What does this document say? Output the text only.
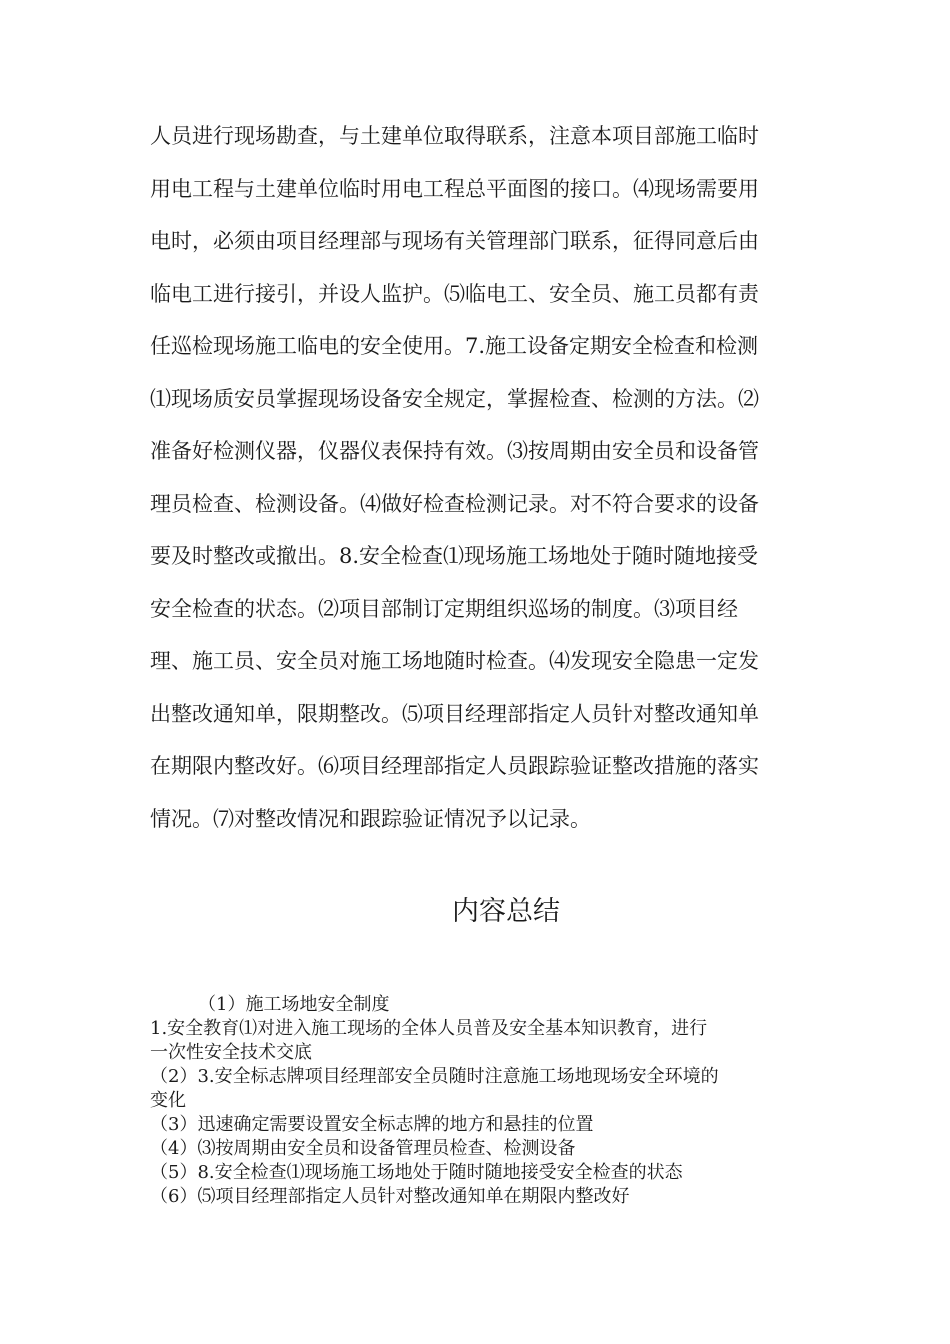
人员进行现场勘查，与土建单位取得联系，注意本项目部施工临时
用电工程与土建单位临时用电工程总平面图的接口。⑷现场需要用
电时，必须由项目经理部与现场有关管理部门联系，征得同意后由
临电工进行接引，并设人监护。⑸临电工、安全员、施工员都有责
任巡检现场施工临电的安全使用。7.施工设备定期安全检查和检测
⑴现场质安员掌握现场设备安全规定，掌握检查、检测的方法。⑵
准备好检测仪器，仪器仪表保持有效。⑶按周期由安全员和设备管
理员检查、检测设备。⑷做好检查检测记录。对不符合要求的设备
要及时整改或撤出。8.安全检查⑴现场施工场地处于随时随地接受
安全检查的状态。⑵项目部制订定期组织巡场的制度。⑶项目经
理、施工员、安全员对施工场地随时检查。⑷发现安全隐患一定发
出整改通知单，限期整改。⑸项目经理部指定人员针对整改通知单
在期限内整改好。⑹项目经理部指定人员跟踪验证整改措施的落实
情况。⑺对整改情况和跟踪验证情况予以记录。
内容总结
（1）施工场地安全制度
1.安全教育⑴对进入施工现场的全体人员普及安全基本知识教育，进行
一次性安全技术交底
（2）3.安全标志牌项目经理部安全员随时注意施工场地现场安全环境的
变化
（3）迅速确定需要设置安全标志牌的地方和悬挂的位置
（4）⑶按周期由安全员和设备管理员检查、检测设备
（5）8.安全检查⑴现场施工场地处于随时随地接受安全检查的状态
（6）⑸项目经理部指定人员针对整改通知单在期限内整改好
